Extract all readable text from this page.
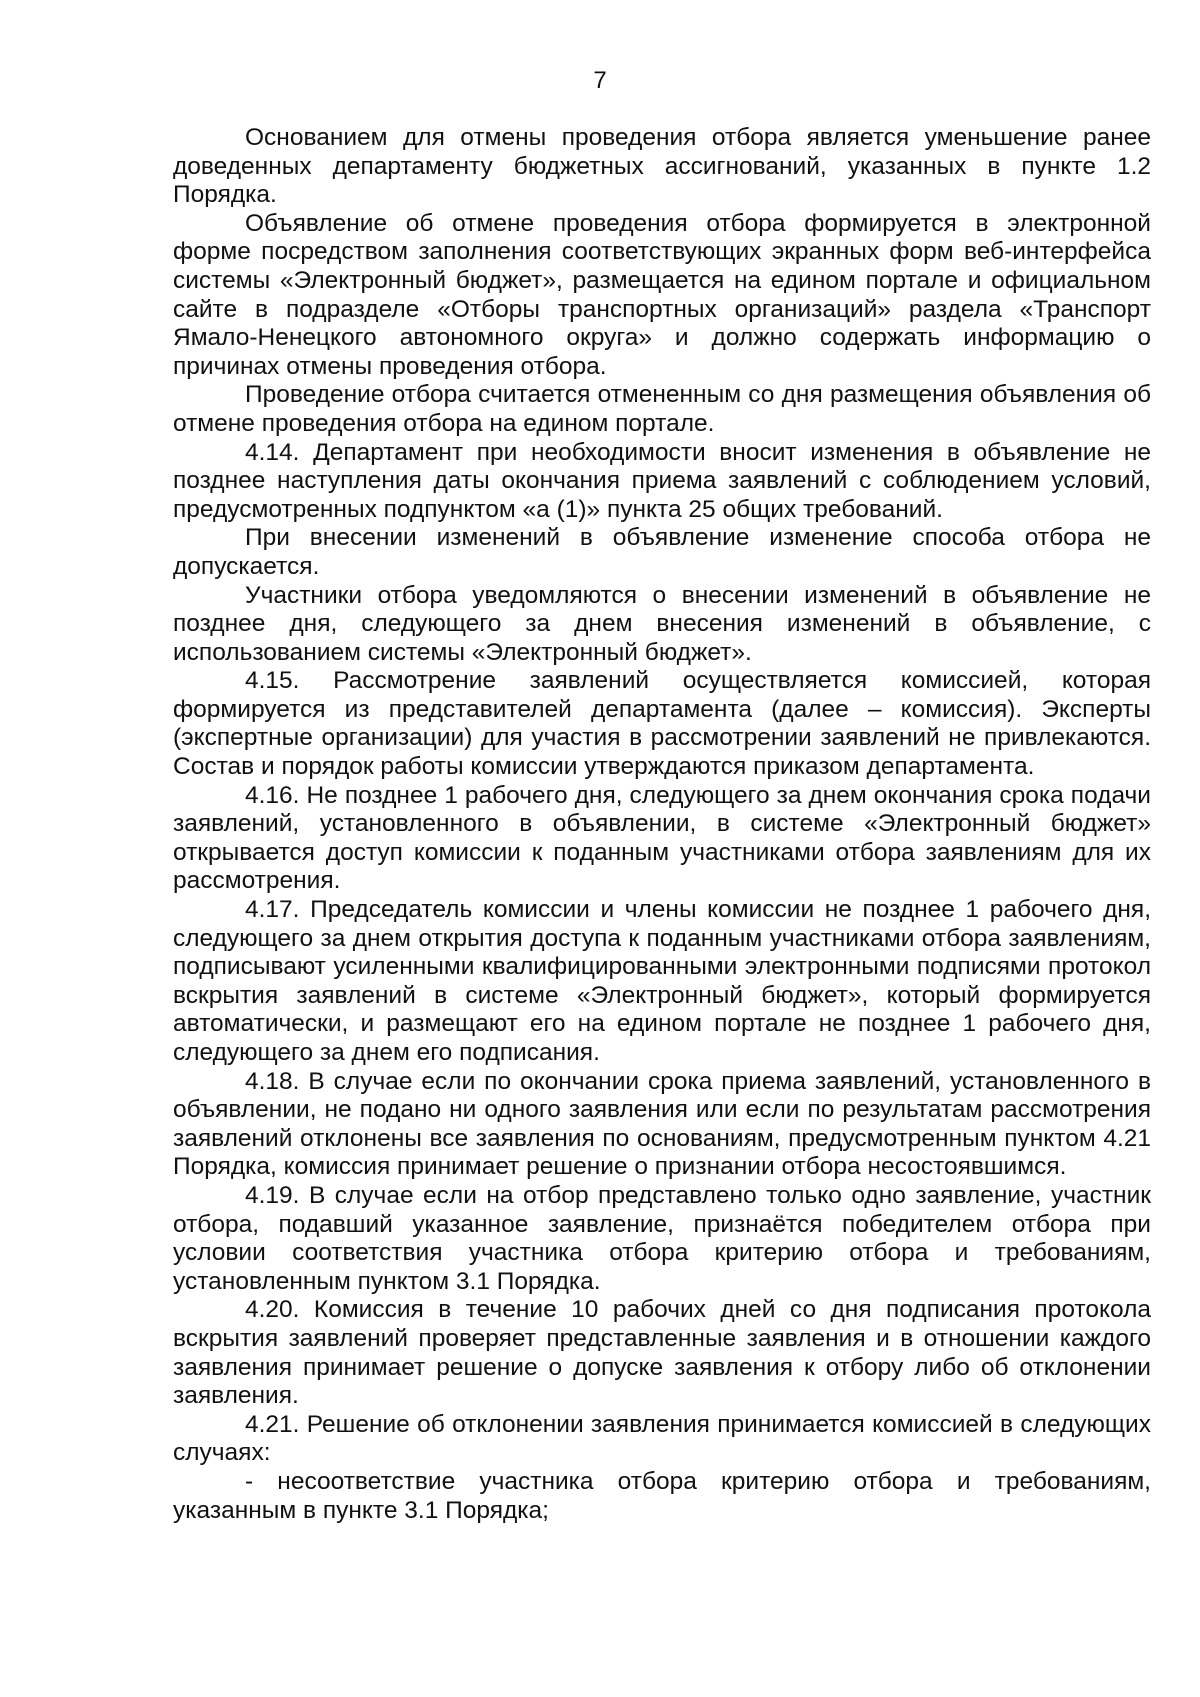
7

Основанием для отмены проведения отбора является уменьшение ранее доведенных департаменту бюджетных ассигнований, указанных в пункте 1.2 Порядка.

Объявление об отмене проведения отбора формируется в электронной форме посредством заполнения соответствующих экранных форм веб-интерфейса системы «Электронный бюджет», размещается на едином портале и официальном сайте в подразделе «Отборы транспортных организаций» раздела «Транспорт Ямало-Ненецкого автономного округа» и должно содержать информацию о причинах отмены проведения отбора.

Проведение отбора считается отмененным со дня размещения объявления об отмене проведения отбора на едином портале.

4.14. Департамент при необходимости вносит изменения в объявление не позднее наступления даты окончания приема заявлений с соблюдением условий, предусмотренных подпунктом «а (1)» пункта 25 общих требований.

При внесении изменений в объявление изменение способа отбора не допускается.

Участники отбора уведомляются о внесении изменений в объявление не позднее дня, следующего за днем внесения изменений в объявление, с использованием системы «Электронный бюджет».

4.15. Рассмотрение заявлений осуществляется комиссией, которая формируется из представителей департамента (далее – комиссия). Эксперты (экспертные организации) для участия в рассмотрении заявлений не привлекаются. Состав и порядок работы комиссии утверждаются приказом департамента.

4.16. Не позднее 1 рабочего дня, следующего за днем окончания срока подачи заявлений, установленного в объявлении, в системе «Электронный бюджет» открывается доступ комиссии к поданным участниками отбора заявлениям для их рассмотрения.

4.17. Председатель комиссии и члены комиссии не позднее 1 рабочего дня, следующего за днем открытия доступа к поданным участниками отбора заявлениям, подписывают усиленными квалифицированными электронными подписями протокол вскрытия заявлений в системе «Электронный бюджет», который формируется автоматически, и размещают его на едином портале не позднее 1 рабочего дня, следующего за днем его подписания.

4.18. В случае если по окончании срока приема заявлений, установленного в объявлении, не подано ни одного заявления или если по результатам рассмотрения заявлений отклонены все заявления по основаниям, предусмотренным пунктом 4.21 Порядка, комиссия принимает решение о признании отбора несостоявшимся.

4.19. В случае если на отбор представлено только одно заявление, участник отбора, подавший указанное заявление, признаётся победителем отбора при условии соответствия участника отбора критерию отбора и требованиям, установленным пунктом 3.1 Порядка.

4.20. Комиссия в течение 10 рабочих дней со дня подписания протокола вскрытия заявлений проверяет представленные заявления и в отношении каждого заявления принимает решение о допуске заявления к отбору либо об отклонении заявления.

4.21. Решение об отклонении заявления принимается комиссией в следующих случаях:

- несоответствие участника отбора критерию отбора и требованиям, указанным в пункте 3.1 Порядка;
